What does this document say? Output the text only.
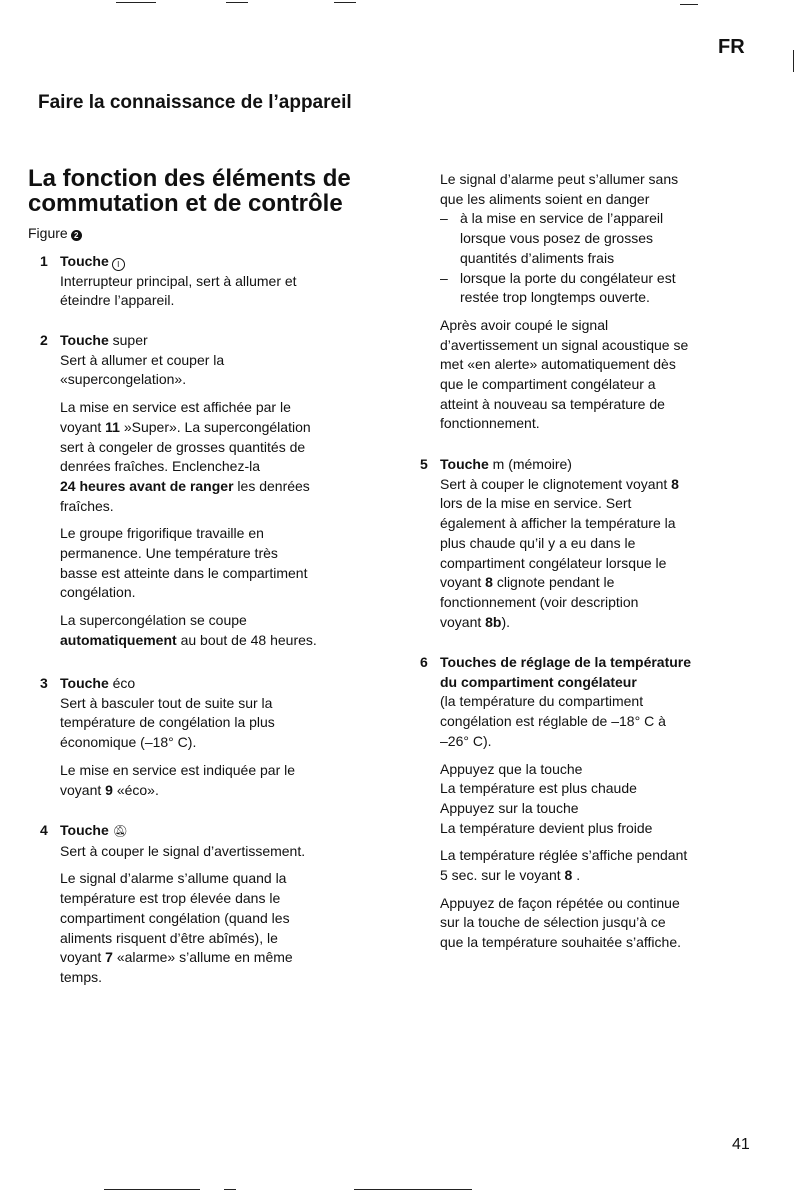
FR
Faire la connaissance de l’appareil
La fonction des éléments de
commutation et de contrôle
Figure 2
1 Touche I

Interrupteur principal, sert à allumer et

éteindre l’appareil.

2 Touche super

Sert à allumer et couper la

«supercongelation».

La mise en service est affichée par le

voyant 11 »Super». La supercongélation

sert à congeler de grosses quantités de

denrées fraîches. Enclenchez-la

24 heures avant de ranger les denrées

fraîches.

Le groupe frigorifique travaille en

permanence. Une température très

basse est atteinte dans le compartiment

congélation.

La supercongélation se coupe

automatiquement au bout de 48 heures.

3 Touche éco

Sert à basculer tout de suite sur la

température de congélation la plus

économique (–18° C).

Le mise en service est indiquée par le

voyant 9 «éco».

4 Touche 🔕︎

Sert à couper le signal d’avertissement.

Le signal d’alarme s’allume quand la

température est trop élevée dans le

compartiment congélation (quand les

aliments risquent d’être abîmés), le

voyant 7 «alarme» s’allume en même

temps.

Le signal d’alarme peut s’allumer sans

que les aliments soient en danger

– à la mise en service de l’appareil
lorsque vous posez de grosses
quantités d’aliments frais
– lorsque la porte du congélateur est
restée trop longtemps ouverte.

Après avoir coupé le signal

d’avertissement un signal acoustique se

met «en alerte» automatiquement dès

que le compartiment congélateur a

atteint à nouveau sa température de

fonctionnement.

5 Touche m (mémoire)

Sert à couper le clignotement voyant 8

lors de la mise en service. Sert

également à afficher la température la

plus chaude qu’il y a eu dans le

compartiment congélateur lorsque le

voyant 8 clignote pendant le

fonctionnement (voir description

voyant 8b).

6 Touches de réglage de la température

du compartiment congélateur

(la température du compartiment

congélation est réglable de –18° C à

–26° C).

Appuyez que la touche

La température est plus chaude

Appuyez sur la touche

La température devient plus froide

La température réglée s’affiche pendant

5 sec. sur le voyant 8 .

Appuyez de façon répétée ou continue

sur la touche de sélection jusqu’à ce

que la température souhaitée s’affiche.

41
